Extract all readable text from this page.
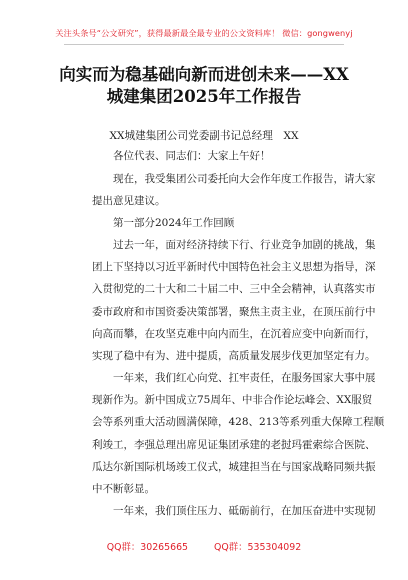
关注头条号“公文研究”，获得最新最全最专业的公文资料库！ 微信：gongwenyj
向实而为稳基础向新而进创未来——XX
城建集团2025年工作报告
XX城建集团公司党委副书记总经理　XX
各位代表、同志们：大家上午好！
现在，我受集团公司委托向大会作年度工作报告，请大家
提出意见建议。
第一部分2024年工作回顾
过去一年，面对经济持续下行、行业竞争加剧的挑战，集
团上下坚持以习近平新时代中国特色社会主义思想为指导，深
入贯彻党的二十大和二十届二中、三中全会精神，认真落实市
委市政府和市国资委决策部署，聚焦主责主业，在顶压前行中
向高而攀，在攻坚克难中向内而生，在沉着应变中向新而行，
实现了稳中有为、进中提质，高质量发展步伐更加坚定有力。
一年来，我们红心向党、扛牢责任，在服务国家大事中展
现新作为。新中国成立75周年、中非合作论坛峰会、XX服贸
会等系列重大活动圆满保障，428、213等系列重大保障工程顺
利竣工，李强总理出席见证集团承建的老挝玛霍索综合医院、
瓜达尔新国际机场竣工仪式，城建担当在与国家战略同频共振
中不断彰显。
一年来，我们顶住压力、砥砺前行，在加压奋进中实现韧
QQ群：30265665	QQ群：535304092
